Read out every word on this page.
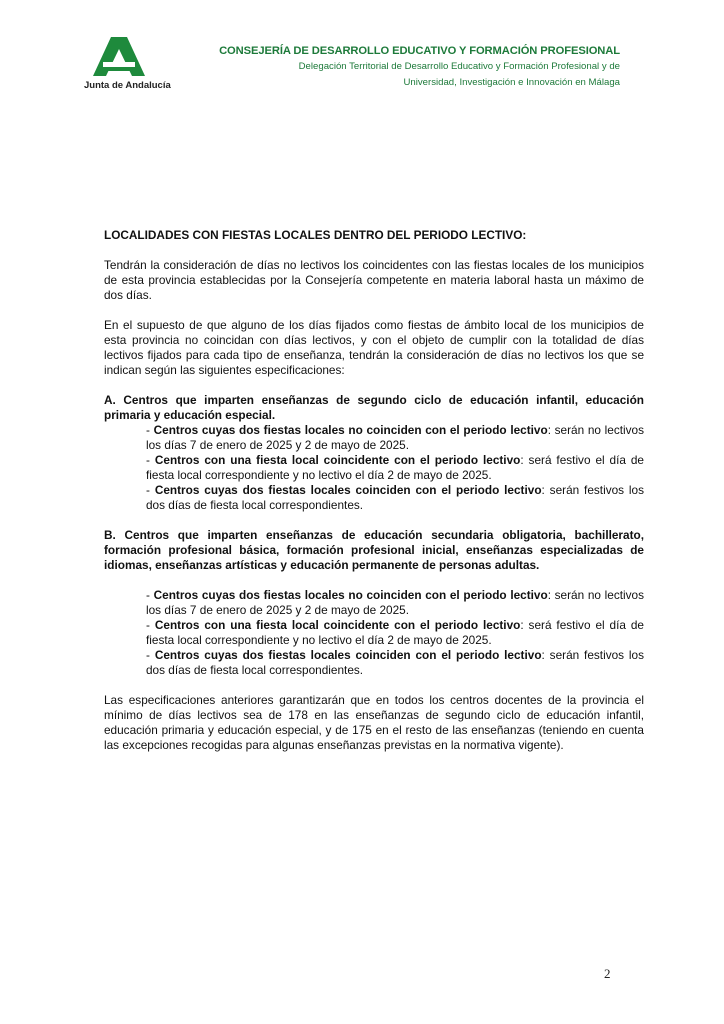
Junta de Andalucía
CONSEJERÍA DE DESARROLLO EDUCATIVO Y FORMACIÓN PROFESIONAL
Delegación Territorial de Desarrollo Educativo y Formación Profesional y de
Universidad, Investigación e Innovación en Málaga
LOCALIDADES CON FIESTAS LOCALES DENTRO DEL PERIODO LECTIVO:

Tendrán la consideración de días no lectivos los coincidentes con las fiestas locales de los municipios de esta provincia establecidas por la Consejería competente en materia laboral hasta un máximo de dos días.

En el supuesto de que alguno de los días fijados como fiestas de ámbito local de los municipios de esta provincia no coincidan con días lectivos, y con el objeto de cumplir con la totalidad de días lectivos fijados para cada tipo de enseñanza, tendrán la consideración de días no lectivos los que se indican según las siguientes especificaciones:

A. Centros que imparten enseñanzas de segundo ciclo de educación infantil, educación primaria y educación especial.
- Centros cuyas dos fiestas locales no coinciden con el periodo lectivo: serán no lectivos los días 7 de enero de 2025 y 2 de mayo de 2025.
- Centros con una fiesta local coincidente con el periodo lectivo: será festivo el día de fiesta local correspondiente y no lectivo el día 2 de mayo de 2025.
- Centros cuyas dos fiestas locales coinciden con el periodo lectivo: serán festivos los dos días de fiesta local correspondientes.
B. Centros que imparten enseñanzas de educación secundaria obligatoria, bachillerato, formación profesional básica, formación profesional inicial, enseñanzas especializadas de idiomas, enseñanzas artísticas y educación permanente de personas adultas.
- Centros cuyas dos fiestas locales no coinciden con el periodo lectivo: serán no lectivos los días 7 de enero de 2025 y 2 de mayo de 2025.
- Centros con una fiesta local coincidente con el periodo lectivo: será festivo el día de fiesta local correspondiente y no lectivo el día 2 de mayo de 2025.
- Centros cuyas dos fiestas locales coinciden con el periodo lectivo: serán festivos los dos días de fiesta local correspondientes.

Las especificaciones anteriores garantizarán que en todos los centros docentes de la provincia el mínimo de días lectivos sea de 178 en las enseñanzas de segundo ciclo de educación infantil, educación primaria y educación especial, y de 175 en el resto de las enseñanzas (teniendo en cuenta las excepciones recogidas para algunas enseñanzas previstas en la normativa vigente).

2
